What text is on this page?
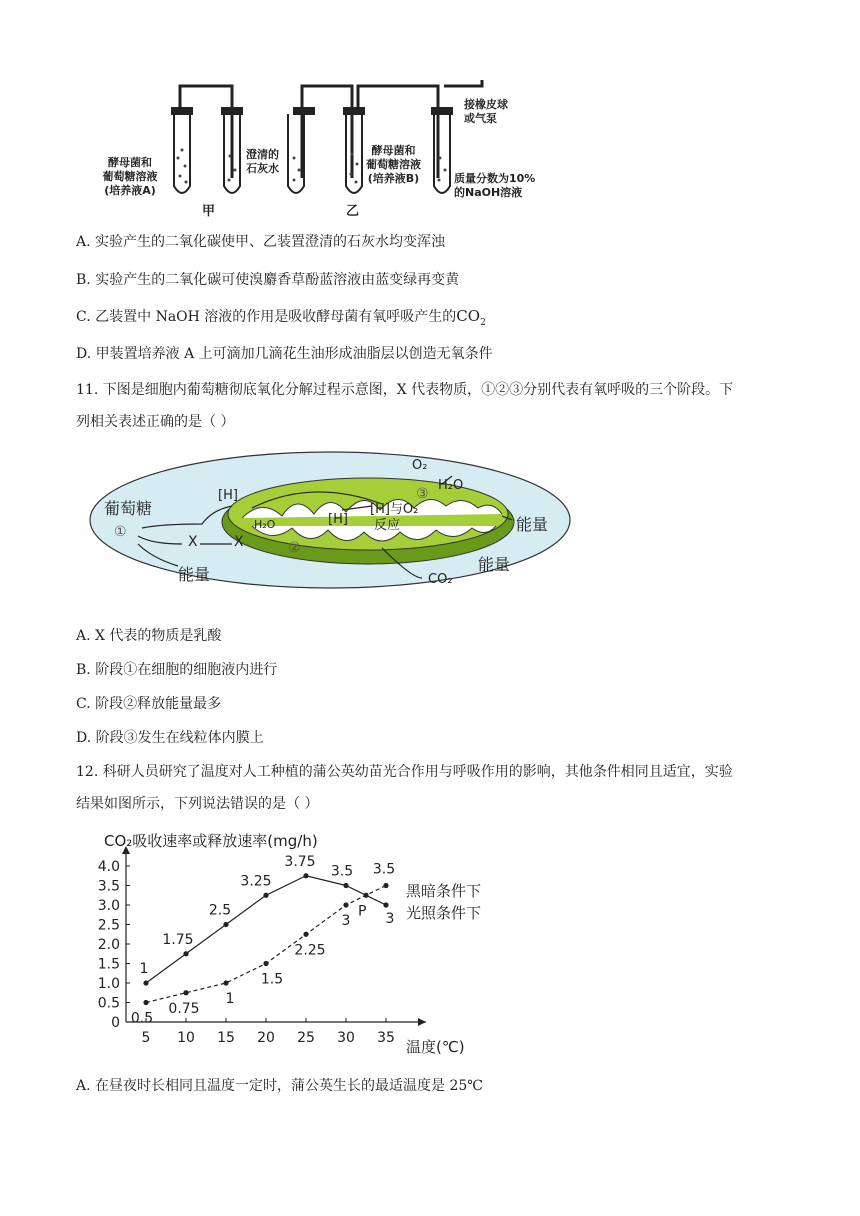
酵母菌和
葡萄糖溶液
(培养液A)
甲
澄清的
石灰水
酵母菌和
葡萄糖溶液
(培养液B)
乙
接橡皮球
或气泵
质量分数为10%
的NaOH溶液
A. 实验产生的二氧化碳使甲、乙装置澄清的石灰水均变浑浊
B. 实验产生的二氧化碳可使溴麝香草酚蓝溶液由蓝变绿再变黄
C. 乙装置中 NaOH 溶液的作用是吸收酵母菌有氧呼吸产生的$CO_2$
D. 甲装置培养液 A 上可滴加几滴花生油形成油脂层以创造无氧条件
11. 下图是细胞内葡萄糖彻底氧化分解过程示意图，X 代表物质，①②③分别代表有氧呼吸的三个阶段。下
列相关表述正确的是（ ）
葡萄糖
[H]
①
X	X
能量
H₂O	[H]
②
[H]与O₂
反应
③
O₂
H₂O
能量
能量
CO₂
A. X 代表的物质是乳酸
B. 阶段①在细胞的细胞液内进行
C. 阶段②释放能量最多
D. 阶段③发生在线粒体内膜上
12. 科研人员研究了温度对人工种植的蒲公英幼苗光合作用与呼吸作用的影响，其他条件相同且适宜，实验
结果如图所示，下列说法错误的是（ ）
0
0.5
1.0
1.5
2.0
2.5
3.0
3.5
4.0
5 10 15 20 25 30 35
CO₂吸收速率或释放速率(mg/h)
温度(℃)
1
1.75
2.5
3.25
3.75
3.5
3
黑暗条件下
0.5
0.75
1
1.5
2.25
3
3.5
光照条件下
P
A. 在昼夜时长相同且温度一定时，蒲公英生长的最适温度是 25℃
